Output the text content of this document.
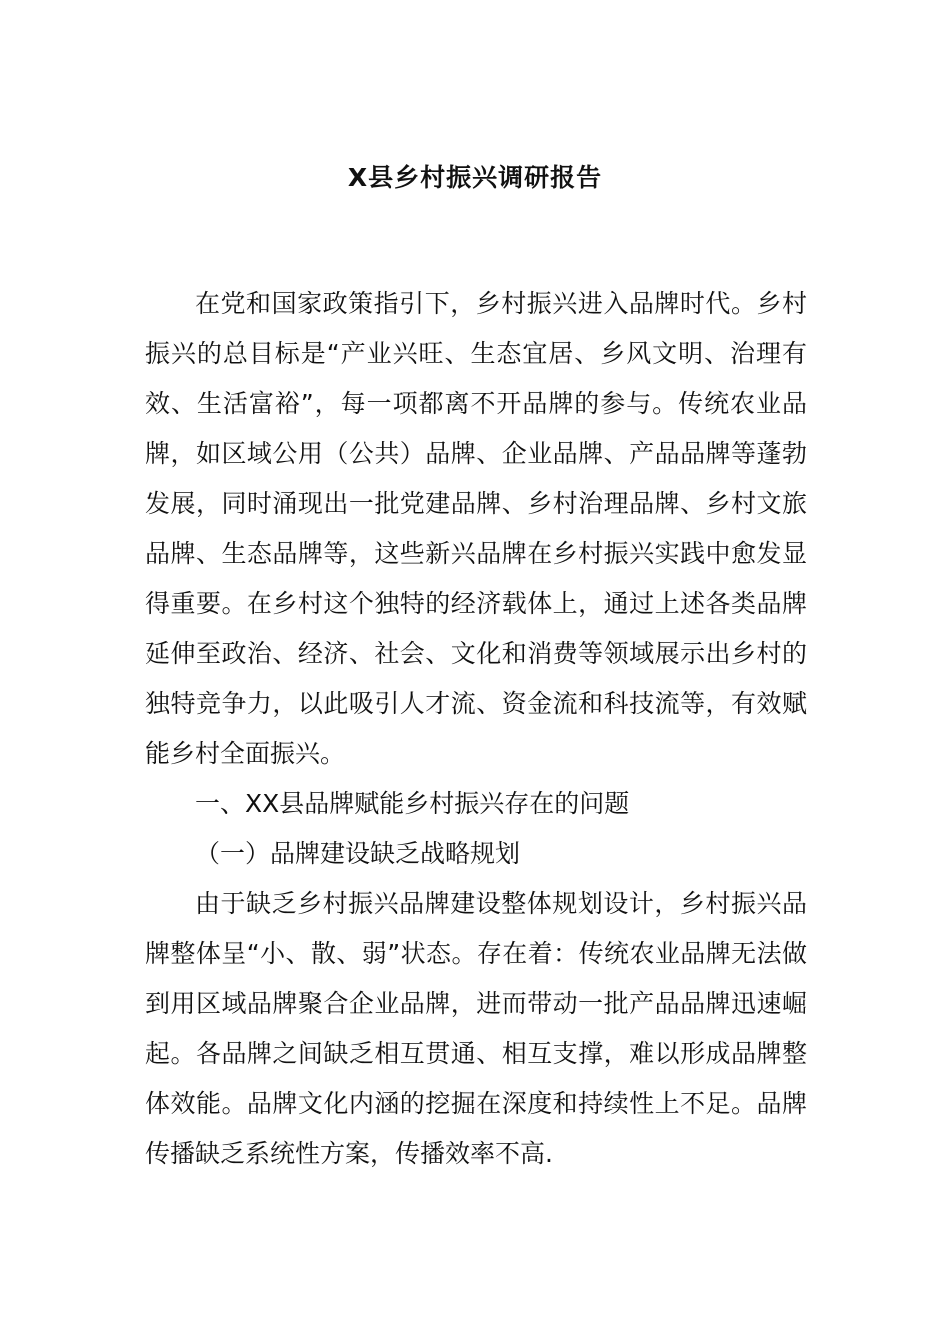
X县乡村振兴调研报告

在党和国家政策指引下，乡村振兴进入品牌时代。乡村振兴的总目标是“产业兴旺、生态宜居、乡风文明、治理有效、生活富裕”，每一项都离不开品牌的参与。传统农业品牌，如区域公用（公共）品牌、企业品牌、产品品牌等蓬勃发展，同时涌现出一批党建品牌、乡村治理品牌、乡村文旅品牌、生态品牌等，这些新兴品牌在乡村振兴实践中愈发显得重要。在乡村这个独特的经济载体上，通过上述各类品牌延伸至政治、经济、社会、文化和消费等领域展示出乡村的独特竞争力，以此吸引人才流、资金流和科技流等，有效赋能乡村全面振兴。

一、XX县品牌赋能乡村振兴存在的问题

（一）品牌建设缺乏战略规划

由于缺乏乡村振兴品牌建设整体规划设计，乡村振兴品牌整体呈“小、散、弱”状态。存在着：传统农业品牌无法做到用区域品牌聚合企业品牌，进而带动一批产品品牌迅速崛起。各品牌之间缺乏相互贯通、相互支撑，难以形成品牌整体效能。品牌文化内涵的挖掘在深度和持续性上不足。品牌传播缺乏系统性方案，传播效率不高.
